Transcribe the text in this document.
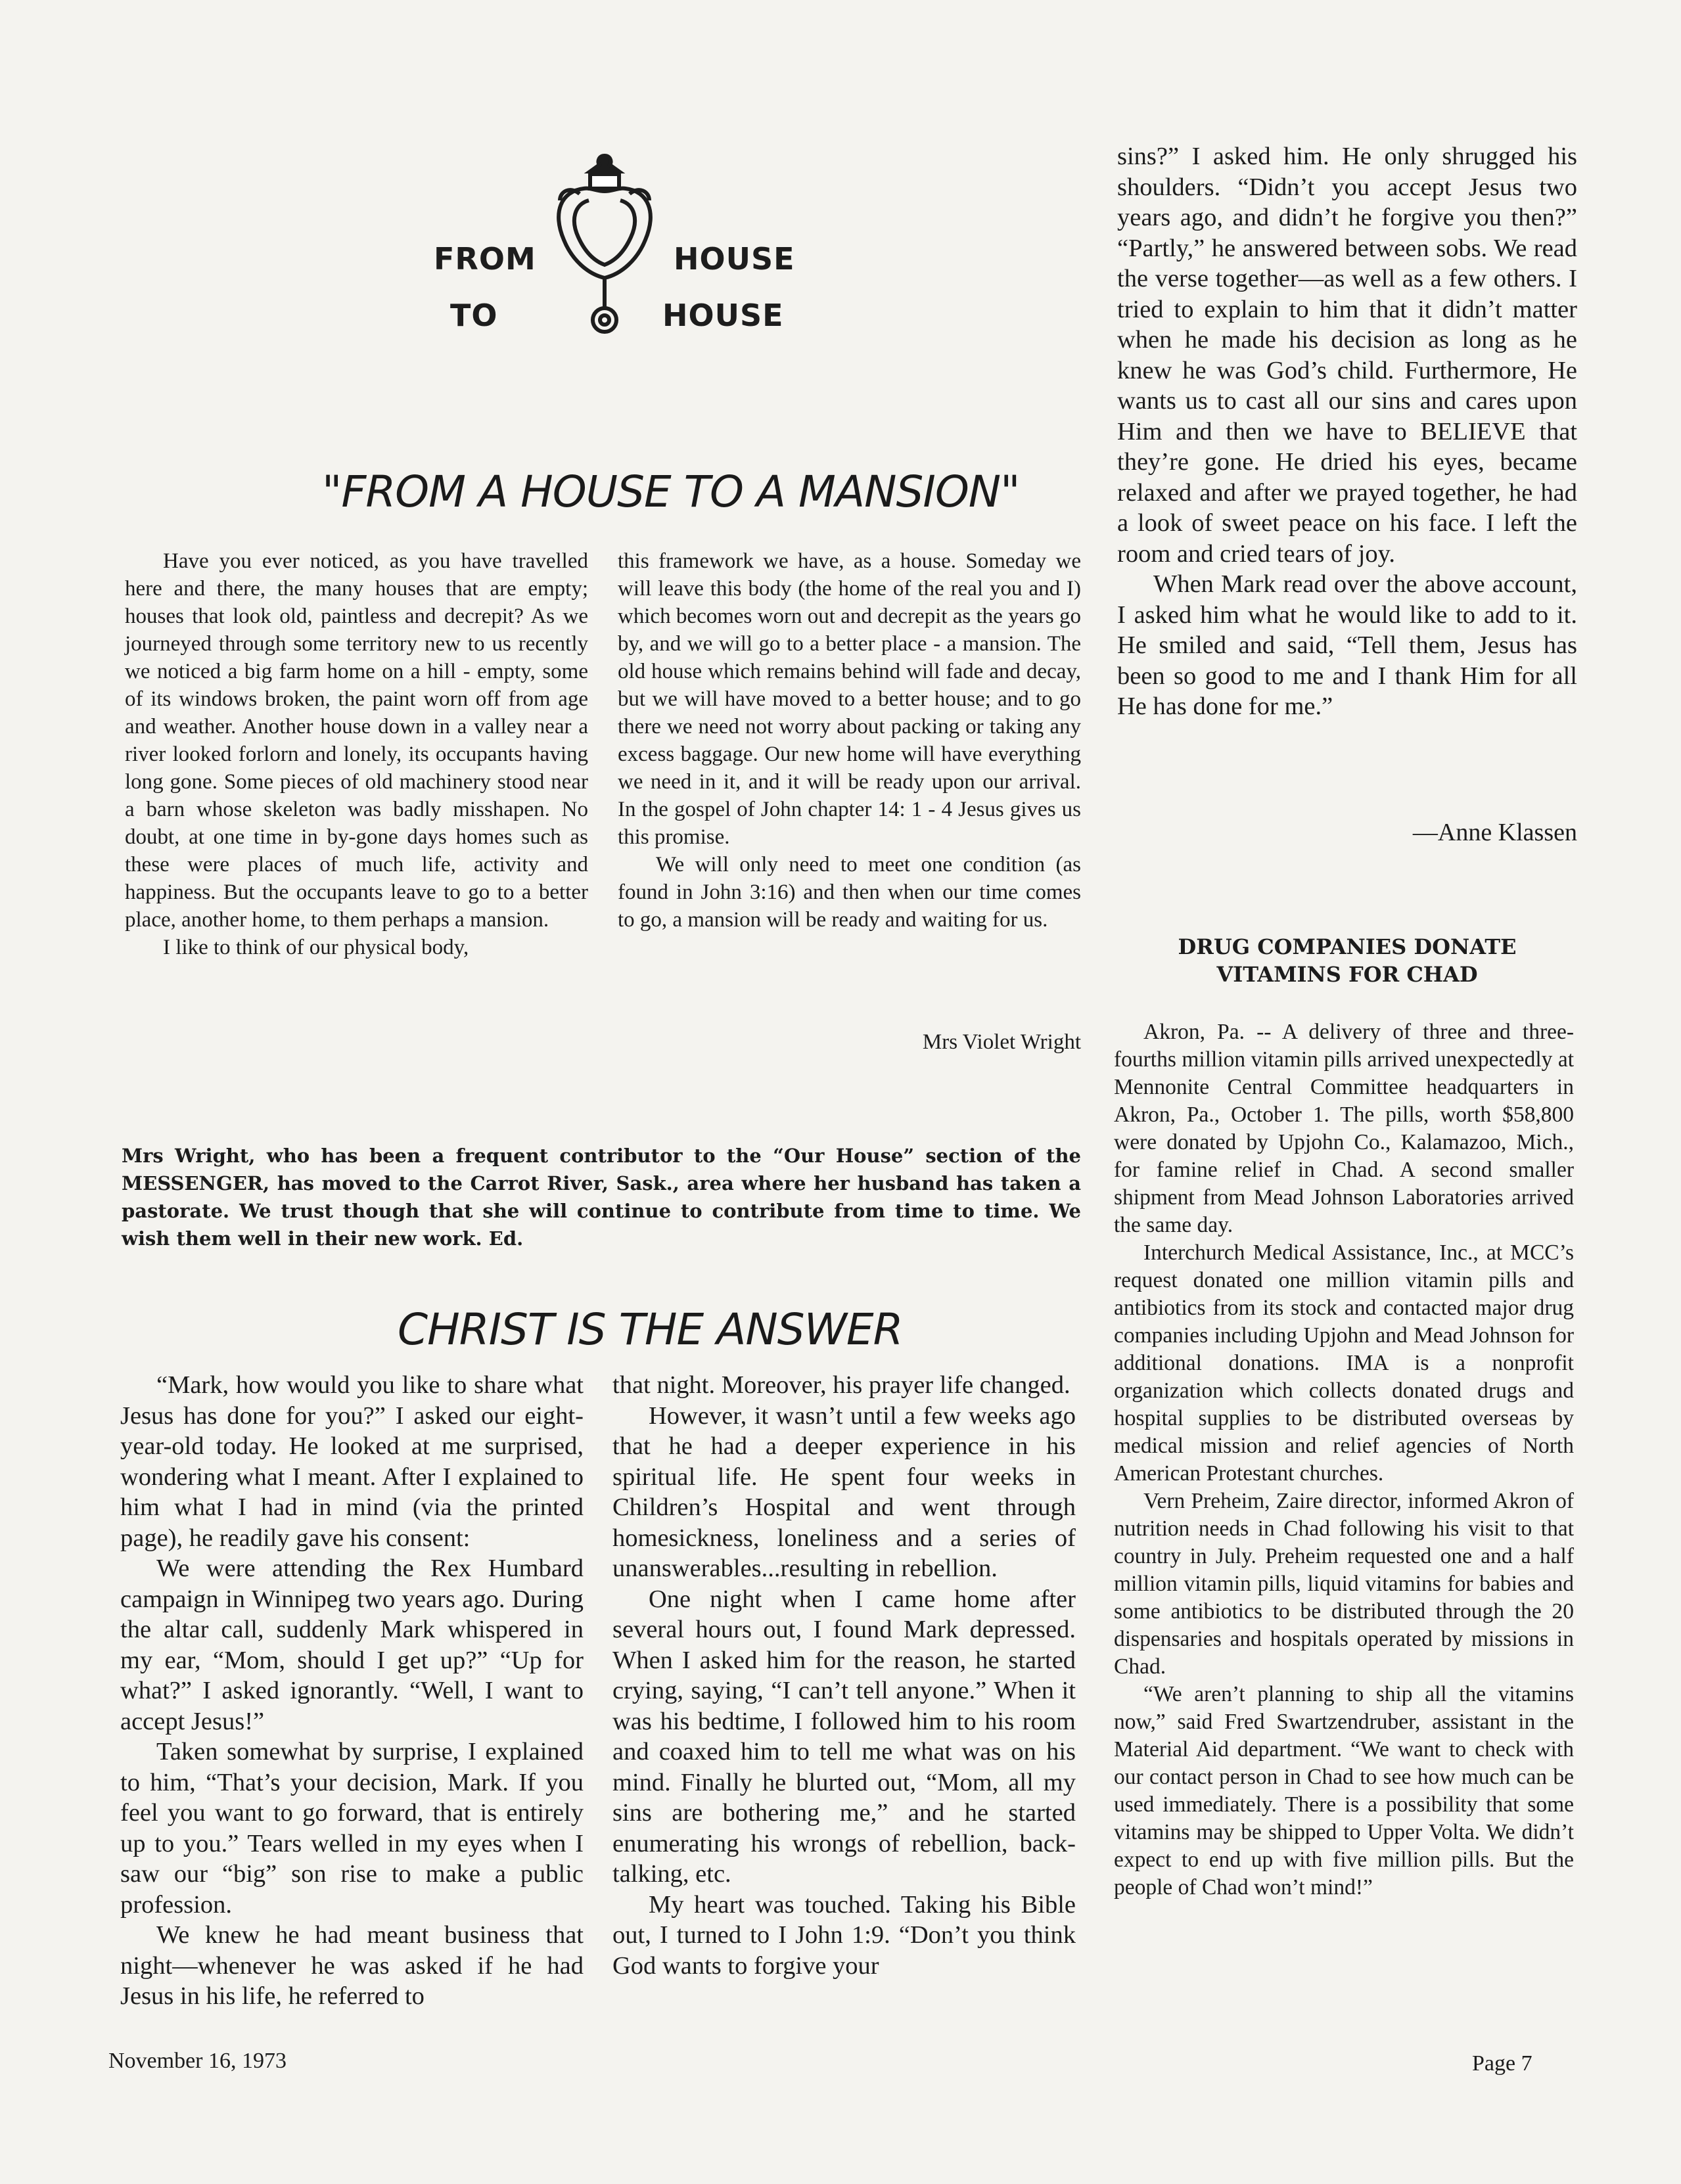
FROM	HOUSE
TO	HOUSE
"FROM A HOUSE TO A MANSION"

Have you ever noticed, as you have travelled here and there, the many houses that are empty; houses that look old, paintless and decrepit? As we journeyed through some territory new to us recently we noticed a big farm home on a hill - empty, some of its windows broken, the paint worn off from age and weather. Another house down in a valley near a river looked forlorn and lonely, its occupants having long gone. Some pieces of old machinery stood near a barn whose skeleton was badly misshapen. No doubt, at one time in by-gone days homes such as these were places of much life, activity and happiness. But the occupants leave to go to a better place, another home, to them perhaps a mansion.

I like to think of our physical body,

this framework we have, as a house. Someday we will leave this body (the home of the real you and I) which becomes worn out and decrepit as the years go by, and we will go to a better place - a mansion. The old house which remains behind will fade and decay, but we will have moved to a better house; and to go there we need not worry about packing or taking any excess baggage. Our new home will have everything we need in it, and it will be ready upon our arrival. In the gospel of John chapter 14: 1 - 4 Jesus gives us this promise.

We will only need to meet one condition (as found in John 3:16) and then when our time comes to go, a mansion will be ready and waiting for us.

Mrs Violet Wright
Mrs Wright, who has been a frequent contributor to the “Our House” section of the MESSENGER, has moved to the Carrot River, Sask., area where her husband has taken a pastorate. We trust though that she will continue to contribute from time to time. We wish them well in their new work. Ed.
CHRIST IS THE ANSWER

“Mark, how would you like to share what Jesus has done for you?” I asked our eight-year-old today. He looked at me surprised, wondering what I meant. After I explained to him what I had in mind (via the printed page), he readily gave his consent:

We were attending the Rex Humbard campaign in Winnipeg two years ago. During the altar call, suddenly Mark whispered in my ear, “Mom, should I get up?” “Up for what?” I asked ignorantly. “Well, I want to accept Jesus!”

Taken somewhat by surprise, I explained to him, “That’s your decision, Mark. If you feel you want to go forward, that is entirely up to you.” Tears welled in my eyes when I saw our “big” son rise to make a public profession.

We knew he had meant business that night—whenever he was asked if he had Jesus in his life, he referred to

that night. Moreover, his prayer life changed.

However, it wasn’t until a few weeks ago that he had a deeper experience in his spiritual life. He spent four weeks in Children’s Hospital and went through homesickness, loneliness and a series of unanswerables...resulting in rebellion.

One night when I came home after several hours out, I found Mark depressed. When I asked him for the reason, he started crying, saying, “I can’t tell anyone.” When it was his bedtime, I followed him to his room and coaxed him to tell me what was on his mind. Finally he blurted out, “Mom, all my sins are bothering me,” and he started enumerating his wrongs of rebellion, back-talking, etc.

My heart was touched. Taking his Bible out, I turned to I John 1:9. “Don’t you think God wants to forgive your

sins?” I asked him. He only shrugged his shoulders. “Didn’t you accept Jesus two years ago, and didn’t he forgive you then?” “Partly,” he answered between sobs. We read the verse together—as well as a few others. I tried to explain to him that it didn’t matter when he made his decision as long as he knew he was God’s child. Furthermore, He wants us to cast all our sins and cares upon Him and then we have to BELIEVE that they’re gone. He dried his eyes, became relaxed and after we prayed together, he had a look of sweet peace on his face. I left the room and cried tears of joy.

When Mark read over the above account, I asked him what he would like to add to it. He smiled and said, “Tell them, Jesus has been so good to me and I thank Him for all He has done for me.”

—Anne Klassen
DRUG COMPANIES DONATE
VITAMINS FOR CHAD

Akron, Pa. -- A delivery of three and three-fourths million vitamin pills arrived unexpectedly at Mennonite Central Committee headquarters in Akron, Pa., October 1. The pills, worth $58,800 were donated by Upjohn Co., Kalamazoo, Mich., for famine relief in Chad. A second smaller shipment from Mead Johnson Laboratories arrived the same day.

Interchurch Medical Assistance, Inc., at MCC’s request donated one million vitamin pills and antibiotics from its stock and contacted major drug companies including Upjohn and Mead Johnson for additional donations. IMA is a nonprofit organization which collects donated drugs and hospital supplies to be distributed overseas by medical mission and relief agencies of North American Protestant churches.

Vern Preheim, Zaire director, informed Akron of nutrition needs in Chad following his visit to that country in July. Preheim requested one and a half million vitamin pills, liquid vitamins for babies and some antibiotics to be distributed through the 20 dispensaries and hospitals operated by missions in Chad.

“We aren’t planning to ship all the vitamins now,” said Fred Swartzendruber, assistant in the Material Aid department. “We want to check with our contact person in Chad to see how much can be used immediately. There is a possibility that some vitamins may be shipped to Upper Volta. We didn’t expect to end up with five million pills. But the people of Chad won’t mind!”

November 16, 1973	Page 7
